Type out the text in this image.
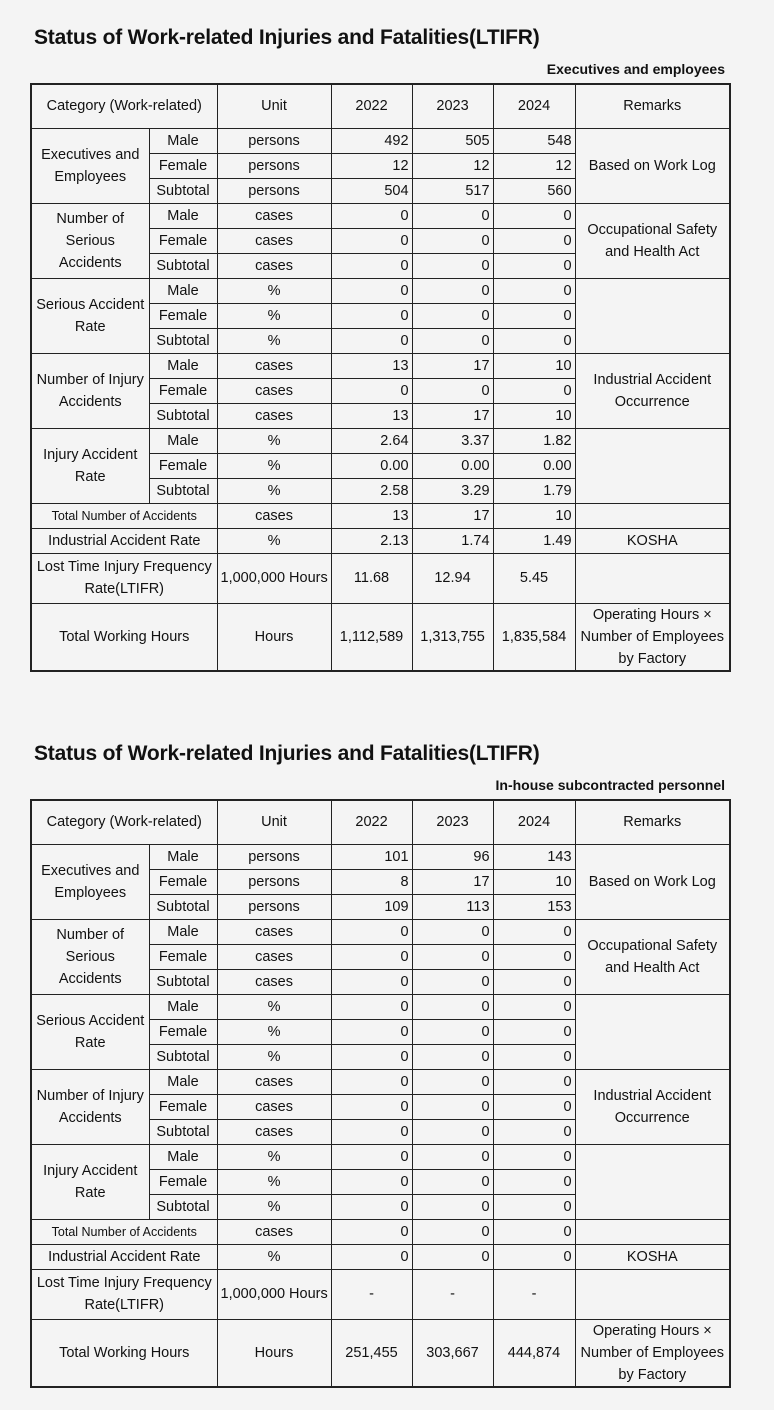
Status of Work-related Injuries and Fatalities(LTIFR)
Executives and employees
Category (Work-related)		Unit	2022	2023	2024	Remarks
Executives and Employees	Male	persons	492	505	548	Based on Work Log
	Female	persons	12	12	12	
	Subtotal	persons	504	517	560	
Number of Serious Accidents	Male	cases	0	0	0	Occupational Safety and Health Act
	Female	cases	0	0	0	
	Subtotal	cases	0	0	0	
Serious Accident Rate	Male	%	0	0	0	
	Female	%	0	0	0	
	Subtotal	%	0	0	0	
Number of Injury Accidents	Male	cases	13	17	10	Industrial Accident Occurrence
	Female	cases	0	0	0	
	Subtotal	cases	13	17	10	
Injury Accident Rate	Male	%	2.64	3.37	1.82	
	Female	%	0.00	0.00	0.00	
	Subtotal	%	2.58	3.29	1.79	
Total Number of Accidents		cases	13	17	10	
Industrial Accident Rate		%	2.13	1.74	1.49	KOSHA
Lost Time Injury Frequency Rate(LTIFR)		1,000,000 Hours	11.68	12.94	5.45	
Total Working Hours		Hours	1,112,589	1,313,755	1,835,584	Operating Hours × Number of Employees by Factory
Status of Work-related Injuries and Fatalities(LTIFR)
In-house subcontracted personnel
Category (Work-related)		Unit	2022	2023	2024	Remarks
Executives and Employees	Male	persons	101	96	143	Based on Work Log
	Female	persons	8	17	10	
	Subtotal	persons	109	113	153	
Number of Serious Accidents	Male	cases	0	0	0	Occupational Safety and Health Act
	Female	cases	0	0	0	
	Subtotal	cases	0	0	0	
Serious Accident Rate	Male	%	0	0	0	
	Female	%	0	0	0	
	Subtotal	%	0	0	0	
Number of Injury Accidents	Male	cases	0	0	0	Industrial Accident Occurrence
	Female	cases	0	0	0	
	Subtotal	cases	0	0	0	
Injury Accident Rate	Male	%	0	0	0	
	Female	%	0	0	0	
	Subtotal	%	0	0	0	
Total Number of Accidents		cases	0	0	0	
Industrial Accident Rate		%	0	0	0	KOSHA
Lost Time Injury Frequency Rate(LTIFR)		1,000,000 Hours	-	-	-	
Total Working Hours		Hours	251,455	303,667	444,874	Operating Hours × Number of Employees by Factory
